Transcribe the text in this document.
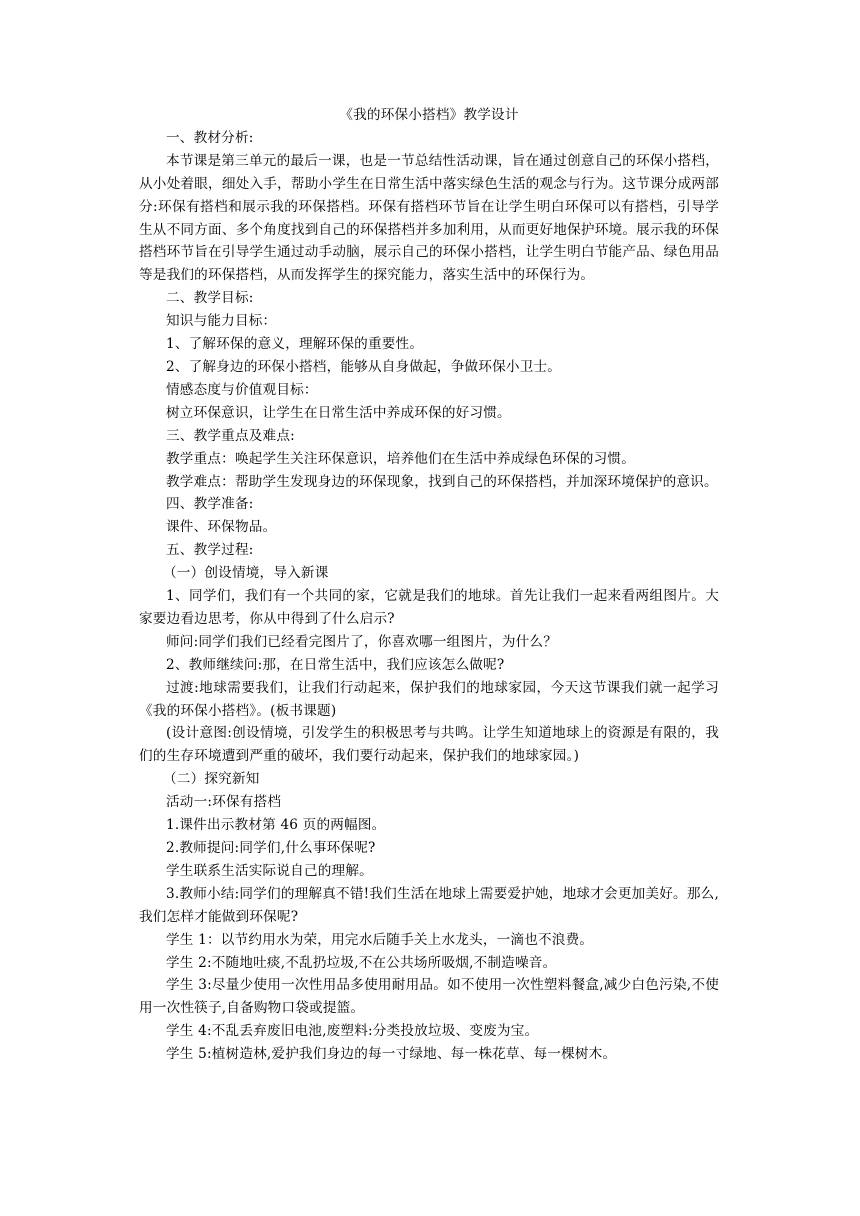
《我的环保小搭档》教学设计

一、教材分析:

本节课是第三单元的最后一课，也是一节总结性活动课，旨在通过创意自己的环保小搭档，从小处着眼，细处入手，帮助小学生在日常生活中落实绿色生活的观念与行为。这节课分成两部分:环保有搭档和展示我的环保搭档。环保有搭档环节旨在让学生明白环保可以有搭档，引导学生从不同方面、多个角度找到自己的环保搭档并多加利用，从而更好地保护环境。展示我的环保搭档环节旨在引导学生通过动手动脑，展示自己的环保小搭档，让学生明白节能产品、绿色用品等是我们的环保搭档，从而发挥学生的探究能力，落实生活中的环保行为。

二、教学目标:

知识与能力目标：

1、了解环保的意义，理解环保的重要性。

2、了解身边的环保小搭档，能够从自身做起，争做环保小卫士。

情感态度与价值观目标：

树立环保意识，让学生在日常生活中养成环保的好习惯。

三、教学重点及难点:

教学重点：唤起学生关注环保意识，培养他们在生活中养成绿色环保的习惯。

教学难点：帮助学生发现身边的环保现象，找到自己的环保搭档，并加深环境保护的意识。

四、教学准备:

课件、环保物品。

五、教学过程:

（一）创设情境，导入新课

1、同学们，我们有一个共同的家，它就是我们的地球。首先让我们一起来看两组图片。大家要边看边思考，你从中得到了什么启示?

师问:同学们我们已经看完图片了，你喜欢哪一组图片，为什么？

2、教师继续问:那，在日常生活中，我们应该怎么做呢?

过渡:地球需要我们，让我们行动起来，保护我们的地球家园，今天这节课我们就一起学习《我的环保小搭档》。(板书课题)

(设计意图:创设情境，引发学生的积极思考与共鸣。让学生知道地球上的资源是有限的，我们的生存环境遭到严重的破坏，我们要行动起来，保护我们的地球家园。)

（二）探究新知

活动一:环保有搭档

1.课件出示教材第 46 页的两幅图。

2.教师提问:同学们,什么事环保呢?

学生联系生活实际说自己的理解。

3.教师小结:同学们的理解真不错!我们生活在地球上需要爱护她，地球才会更加美好。那么,我们怎样才能做到环保呢?

学生 1：以节约用水为荣，用完水后随手关上水龙头，一滴也不浪费。

学生 2:不随地吐痰,不乱扔垃圾,不在公共场所吸烟,不制造噪音。

学生 3:尽量少使用一次性用品多使用耐用品。如不使用一次性塑料餐盒,减少白色污染,不使用一次性筷子,自备购物口袋或提篮。

学生 4:不乱丢弃废旧电池,废塑料:分类投放垃圾、变废为宝。

学生 5:植树造林,爱护我们身边的每一寸绿地、每一株花草、每一棵树木。
